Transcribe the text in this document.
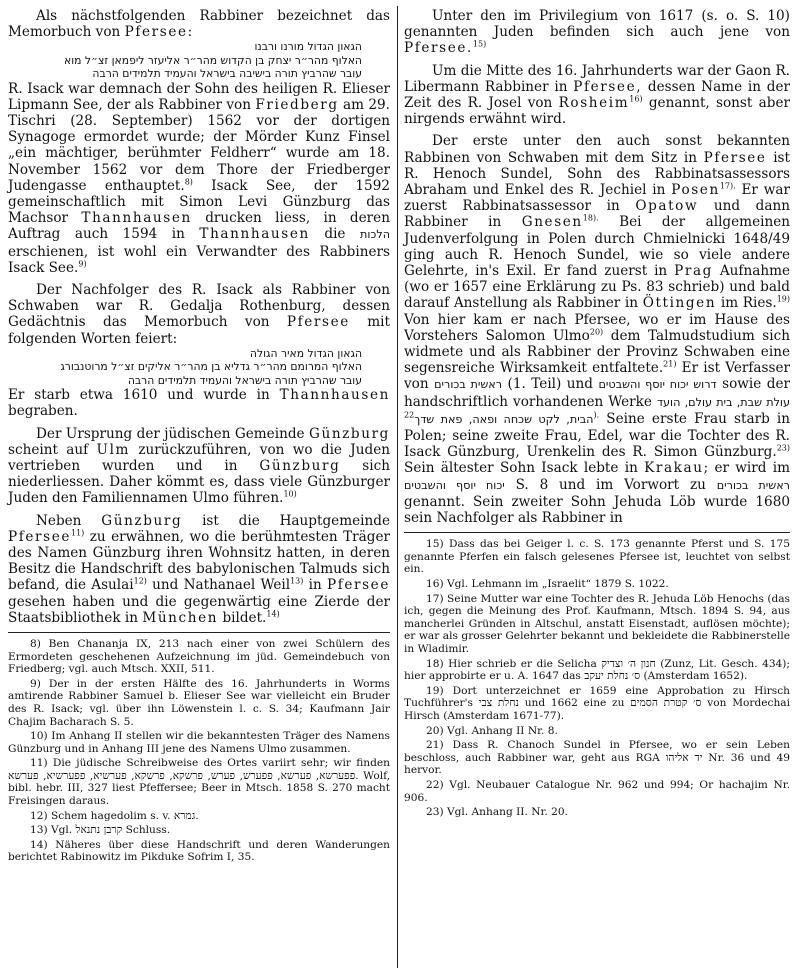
Als nächstfolgenden Rabbiner bezeichnet das Memorbuch von Pfersee:
הגאון הגדול מורנו ורבנו
האלוף מהר״ר יצחק בן הקדוש מהר״ר אליעזר ליפמאן זצ״ל מוא
עובר שהרביץ תורה בישיבה בישראל והעמיד תלמידים הרבה
R. Isack war demnach der Sohn des heiligen R. Elieser Lipmann See, der als Rabbiner von Friedberg am 29. Tischri (28. September) 1562 vor der dortigen Synagoge ermordet wurde; der Mörder Kunz Finsel „ein mächtiger, berühmter Feldherr“ wurde am 18. November 1562 vor dem Thore der Friedberger Judengasse enthauptet.$^{8)}$ Isack See, der 1592 gemeinschaftlich mit Simon Levi Günzburg das Machsor Thannhausen drucken liess, in deren Auftrag auch 1594 in Thannhausen die הלכות erschienen, ist wohl ein Verwandter des Rabbiners Isack See.$^{9)}$

Der Nachfolger des R. Isack als Rabbiner von Schwaben war R. Gedalja Rothenburg, dessen Gedächtnis das Memorbuch von Pfersee mit folgenden Worten feiert:
הגאון הגדול מאיר הגולה
האלוף המרומם מהר״ר גדליא בן מהר״ר אליקים זצ״ל מרוטנבורג
עובר שהרביץ תורה בישראל והעמיד תלמידים הרבה
Er starb etwa 1610 und wurde in Thannhausen begraben.

Der Ursprung der jüdischen Gemeinde Günzburg scheint auf Ulm zurückzuführen, von wo die Juden vertrieben wurden und in Günzburg sich niederliessen. Daher kömmt es, dass viele Günzburger Juden den Familiennamen Ulmo führen.$^{10)}$

Neben Günzburg ist die Hauptgemeinde Pfersee$^{11)}$ zu erwähnen, wo die berühmtesten Träger des Namen Günzburg ihren Wohnsitz hatten, in deren Besitz die Handschrift des babylonischen Talmuds sich befand, die Asulai$^{12)}$ und Nathanael Weil$^{13)}$ in Pfersee gesehen haben und die gegenwärtig eine Zierde der Staatsbibliothek in München bildet.$^{14)}$

8) Ben Chananja IX, 213 nach einer von zwei Schülern des Ermordeten geschehenen Aufzeichnung im jüd. Gemeindebuch von Friedberg; vgl. auch Mtsch. XXII, 511.

9) Der in der ersten Hälfte des 16. Jahrhunderts in Worms amtirende Rabbiner Samuel b. Elieser See war vielleicht ein Bruder des R. Isack; vgl. über ihn Löwenstein l. c. S. 34; Kaufmann Jair Chajim Bacharach S. 5.

10) Im Anhang II stellen wir die bekanntesten Träger des Namens Günzburg und in Anhang III jene des Namens Ulmo zusammen.

11) Die jüdische Schreibweise des Ortes variirt sehr; wir finden פפערשא, פערשא, פפערש, פערש, פרשקא, פרשקא, פערשיא, פפערשיא, פערשא. Wolf, bibl. hebr. III, 327 liest Pfeffersee; Beer in Mtsch. 1858 S. 270 macht Freisingen daraus.

12) Schem hagedolim s. v. גמרא.

13) Vgl. קרבן נתנאל Schluss.

14) Näheres über diese Handschrift und deren Wanderungen berichtet Rabinowitz im Pikduke Sofrim I, 35.

Unter den im Privilegium von 1617 (s. o. S. 10) genannten Juden befinden sich auch jene von Pfersee.$^{15)}$

Um die Mitte des 16. Jahrhunderts war der Gaon R. Libermann Rabbiner in Pfersee, dessen Name in der Zeit des R. Josel von Rosheim$^{16)}$ genannt, sonst aber nirgends erwähnt wird.

Der erste unter den auch sonst bekannten Rabbinen von Schwaben mit dem Sitz in Pfersee ist R. Henoch Sundel, Sohn des Rabbinatsassessors Abraham und Enkel des R. Jechiel in Posen$^{17).}$ Er war zuerst Rabbinatsassessor in Opatow und dann Rabbiner in Gnesen$^{18).}$ Bei der allgemeinen Judenverfolgung in Polen durch Chmielnicki 1648/49 ging auch R. Henoch Sundel, wie so viele andere Gelehrte, in's Exil. Er fand zuerst in Prag Aufnahme (wo er 1657 eine Erklärung zu Ps. 83 schrieb) und bald darauf Anstellung als Rabbiner in Öttingen im Ries.$^{19)}$ Von hier kam er nach Pfersee, wo er im Hause des Vorstehers Salomon Ulmo$^{20)}$ dem Talmudstudium sich widmete und als Rabbiner der Provinz Schwaben eine segensreiche Wirksamkeit entfaltete.$^{21)}$ Er ist Verfasser von ראשית בכורים (1. Teil) und דרוש יכוח יוסף והשבטים sowie der handschriftlich vorhandenen Werke עולת שבת, בית עולם, הועד הבית, לקט שכחה ופאה, פאת שדך$^{22).}$ Seine erste Frau starb in Polen; seine zweite Frau, Edel, war die Tochter des R. Isack Günzburg, Urenkelin des R. Simon Günzburg.$^{23)}$ Sein ältester Sohn Isack lebte in Krakau; er wird im יכוח יוסף והשבטים S. 8 und im Vorwort zu ראשית בכורים genannt. Sein zweiter Sohn Jehuda Löb wurde 1680 sein Nachfolger als Rabbiner in

15) Dass das bei Geiger l. c. S. 173 genannte Pferst und S. 175 genannte Pferfen ein falsch gelesenes Pfersee ist, leuchtet von selbst ein.

16) Vgl. Lehmann im „Israelit“ 1879 S. 1022.

17) Seine Mutter war eine Tochter des R. Jehuda Löb Henochs (das ich, gegen die Meinung des Prof. Kaufmann, Mtsch. 1894 S. 94, aus mancherlei Gründen in Altschul, anstatt Eisenstadt, auflösen möchte); er war als grosser Gelehrter bekannt und bekleidete die Rabbinerstelle in Wladimir.

18) Hier schrieb er die Selicha חנון ה׳ וצדיק (Zunz, Lit. Gesch. 434); hier approbirte er u. A. 1647 das ס׳ נחלת יעקב (Amsterdam 1652).

19) Dort unterzeichnet er 1659 eine Approbation zu Hirsch Tuchführer's נחלת צבי und 1662 eine zu ס׳ קטרת הסמים von Mordechai Hirsch (Amsterdam 1671-77).

20) Vgl. Anhang II Nr. 8.

21) Dass R. Chanoch Sundel in Pfersee, wo er sein Leben beschloss, auch Rabbiner war, geht aus RGA יד אליהו Nr. 36 und 49 hervor.

22) Vgl. Neubauer Catalogue Nr. 962 und 994; Or hachajim Nr. 906.

23) Vgl. Anhang II. Nr. 20.
